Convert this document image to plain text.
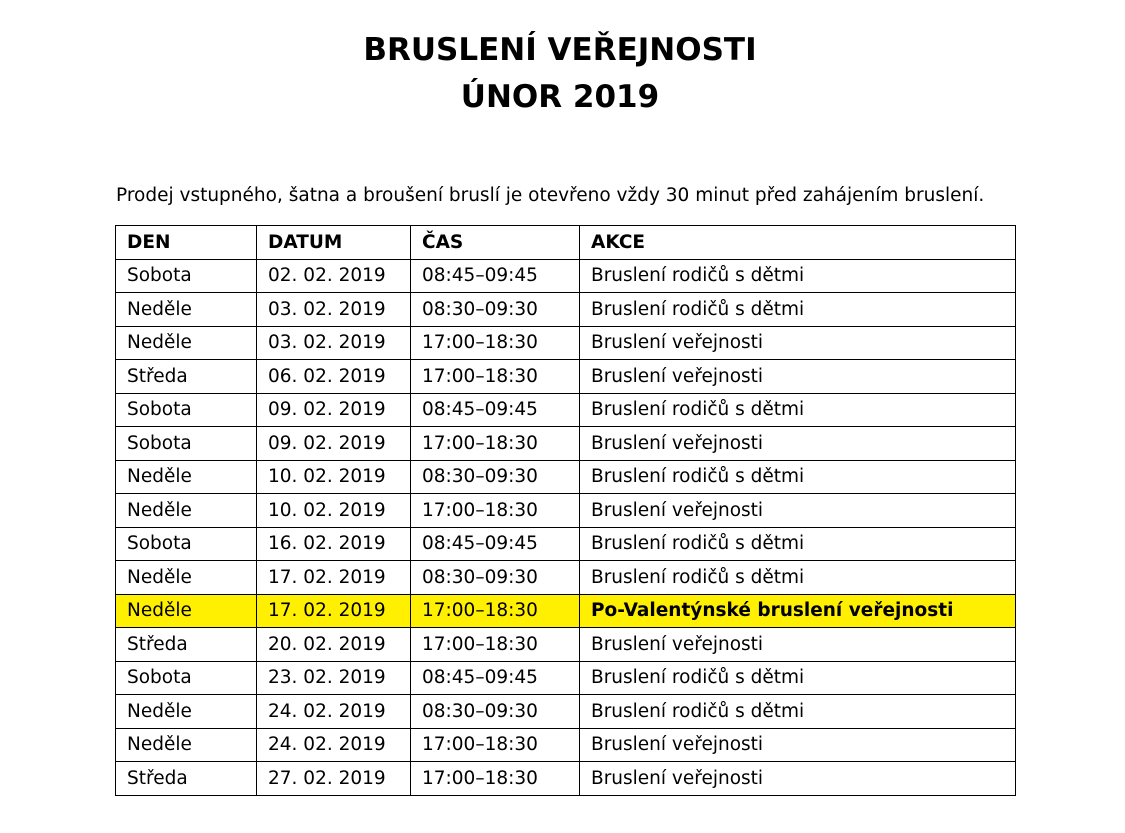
BRUSLENÍ VEŘEJNOSTI
ÚNOR 2019

Prodej vstupného, šatna a broušení bruslí je otevřeno vždy 30 minut před zahájením bruslení.

DEN	DATUM	ČAS	AKCE
Sobota	02. 02. 2019	08:45–09:45	Bruslení rodičů s dětmi
Neděle	03. 02. 2019	08:30–09:30	Bruslení rodičů s dětmi
Neděle	03. 02. 2019	17:00–18:30	Bruslení veřejnosti
Středa	06. 02. 2019	17:00–18:30	Bruslení veřejnosti
Sobota	09. 02. 2019	08:45–09:45	Bruslení rodičů s dětmi
Sobota	09. 02. 2019	17:00–18:30	Bruslení veřejnosti
Neděle	10. 02. 2019	08:30–09:30	Bruslení rodičů s dětmi
Neděle	10. 02. 2019	17:00–18:30	Bruslení veřejnosti
Sobota	16. 02. 2019	08:45–09:45	Bruslení rodičů s dětmi
Neděle	17. 02. 2019	08:30–09:30	Bruslení rodičů s dětmi
Neděle	17. 02. 2019	17:00–18:30	Po-Valentýnské bruslení veřejnosti
Středa	20. 02. 2019	17:00–18:30	Bruslení veřejnosti
Sobota	23. 02. 2019	08:45–09:45	Bruslení rodičů s dětmi
Neděle	24. 02. 2019	08:30–09:30	Bruslení rodičů s dětmi
Neděle	24. 02. 2019	17:00–18:30	Bruslení veřejnosti
Středa	27. 02. 2019	17:00–18:30	Bruslení veřejnosti
